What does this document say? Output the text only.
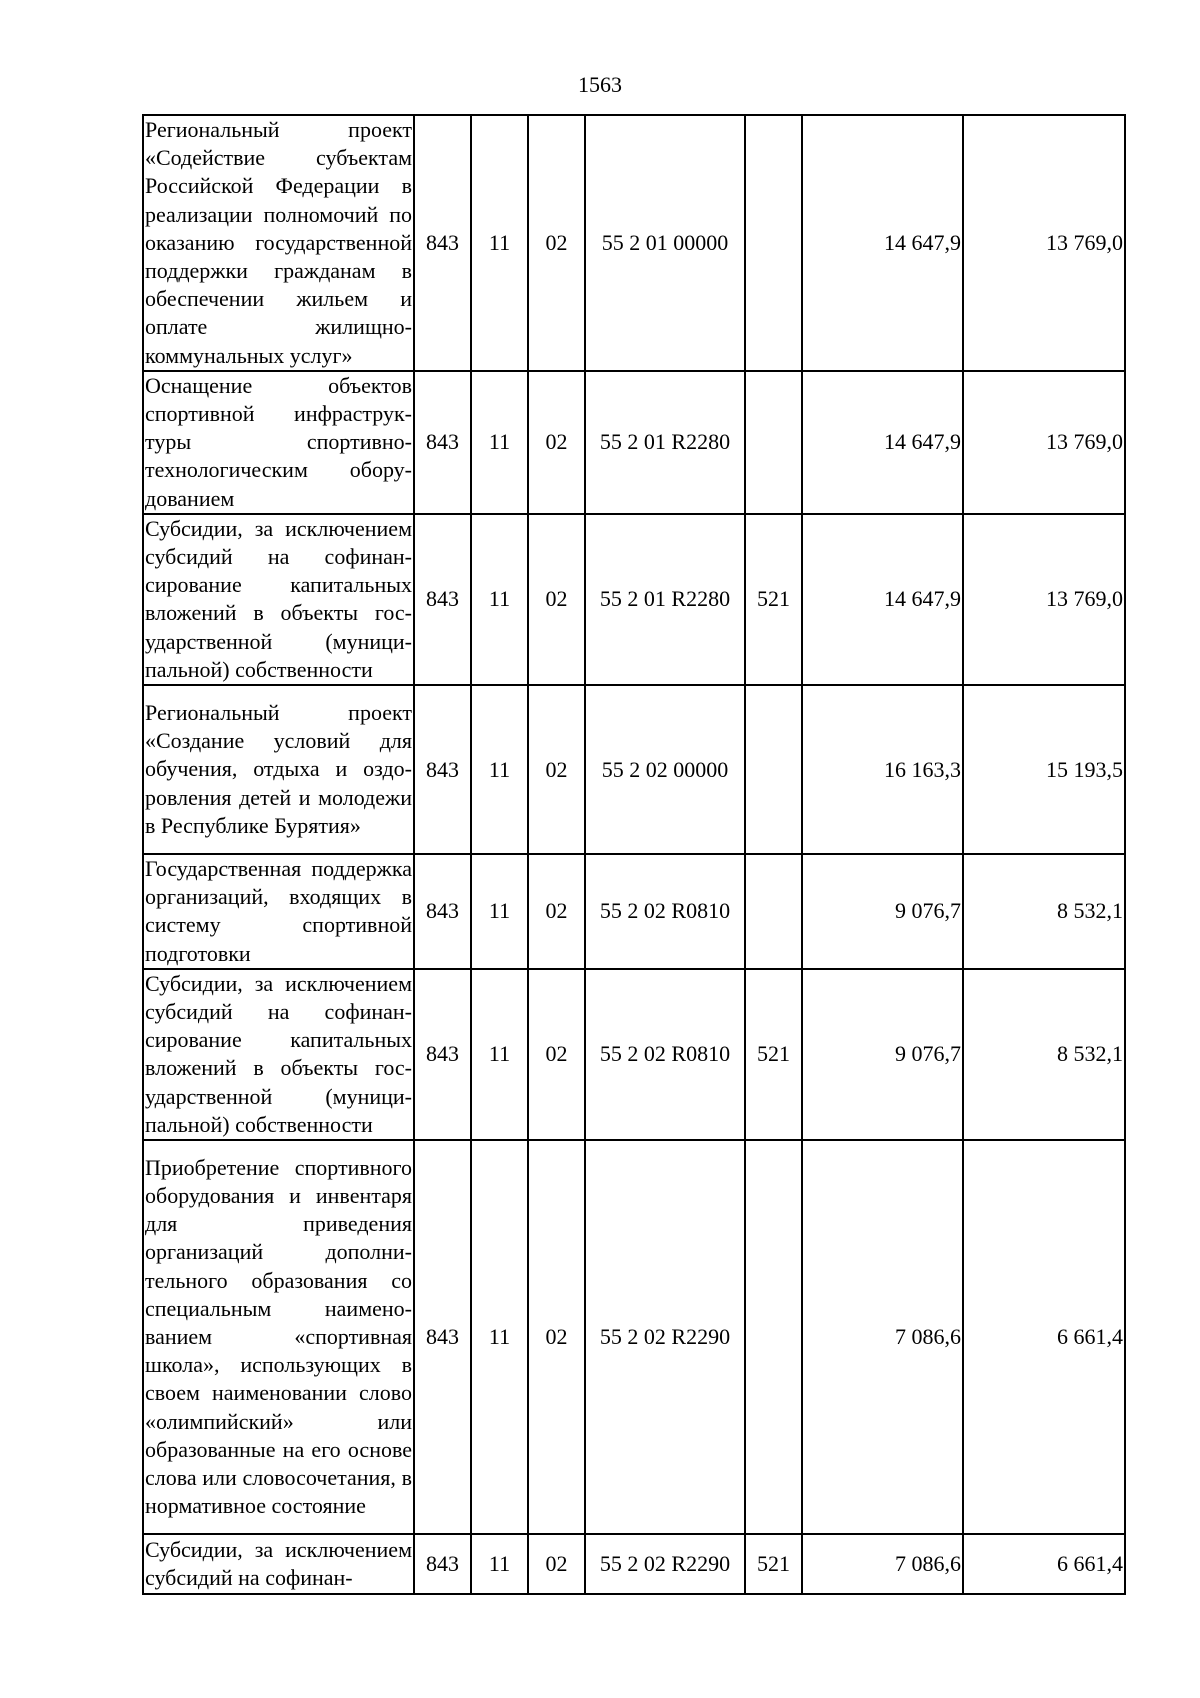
1563
Региональный проект «Содействие субъектам Российской Федерации в реализации полномочий по оказанию государственной поддержки гражданам в обеспечении жильем и оплате жилищно-коммунальных услуг»	843	11	02	55 2 01 00000		14 647,9	13 769,0
Оснащение объектов спортивной инфраструктуры спортивно-технологическим оборудованием	843	11	02	55 2 01 R2280		14 647,9	13 769,0
Субсидии, за исключением субсидий на софинансирование капитальных вложений в объекты государственной (муниципальной) собственности	843	11	02	55 2 01 R2280	521	14 647,9	13 769,0
Региональный проект «Создание условий для обучения, отдыха и оздоровления детей и молодежи в Республике Бурятия»	843	11	02	55 2 02 00000		16 163,3	15 193,5
Государственная поддержка организаций, входящих в систему спортивной подготовки	843	11	02	55 2 02 R0810		9 076,7	8 532,1
Субсидии, за исключением субсидий на софинансирование капитальных вложений в объекты государственной (муниципальной) собственности	843	11	02	55 2 02 R0810	521	9 076,7	8 532,1
Приобретение спортивного оборудования и инвентаря для приведения организаций дополнительного образования со специальным наименованием «спортивная школа», использующих в своем наименовании слово «олимпийский» или образованные на его основе слова или словосочетания, в нормативное состояние	843	11	02	55 2 02 R2290		7 086,6	6 661,4
Субсидии, за исключением субсидий на софинан-	843	11	02	55 2 02 R2290	521	7 086,6	6 661,4
